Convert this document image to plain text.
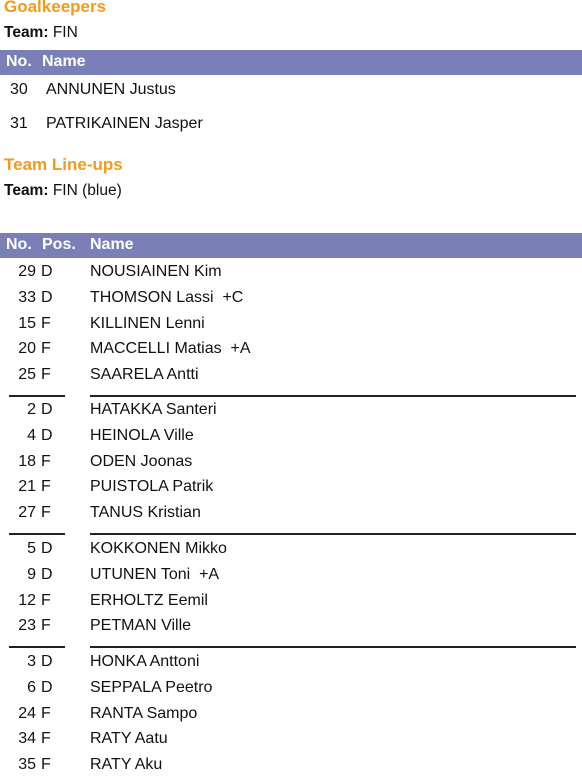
Goalkeepers
Team: FIN
No. Name
30 ANNUNEN Justus
31 PATRIKAINEN Jasper
Team Line-ups
Team: FIN (blue)
No. Pos. Name
29 D NOUSIAINEN Kim
33 D THOMSON Lassi  +C
15 F KILLINEN Lenni
20 F MACCELLI Matias  +A
25 F SAARELA Antti
2 D HATAKKA Santeri
4 D HEINOLA Ville
18 F ODEN Joonas
21 F PUISTOLA Patrik
27 F TANUS Kristian
5 D KOKKONEN Mikko
9 D UTUNEN Toni  +A
12 F ERHOLTZ Eemil
23 F PETMAN Ville
3 D HONKA Anttoni
6 D SEPPALA Peetro
24 F RANTA Sampo
34 F RATY Aatu
35 F RATY Aku
